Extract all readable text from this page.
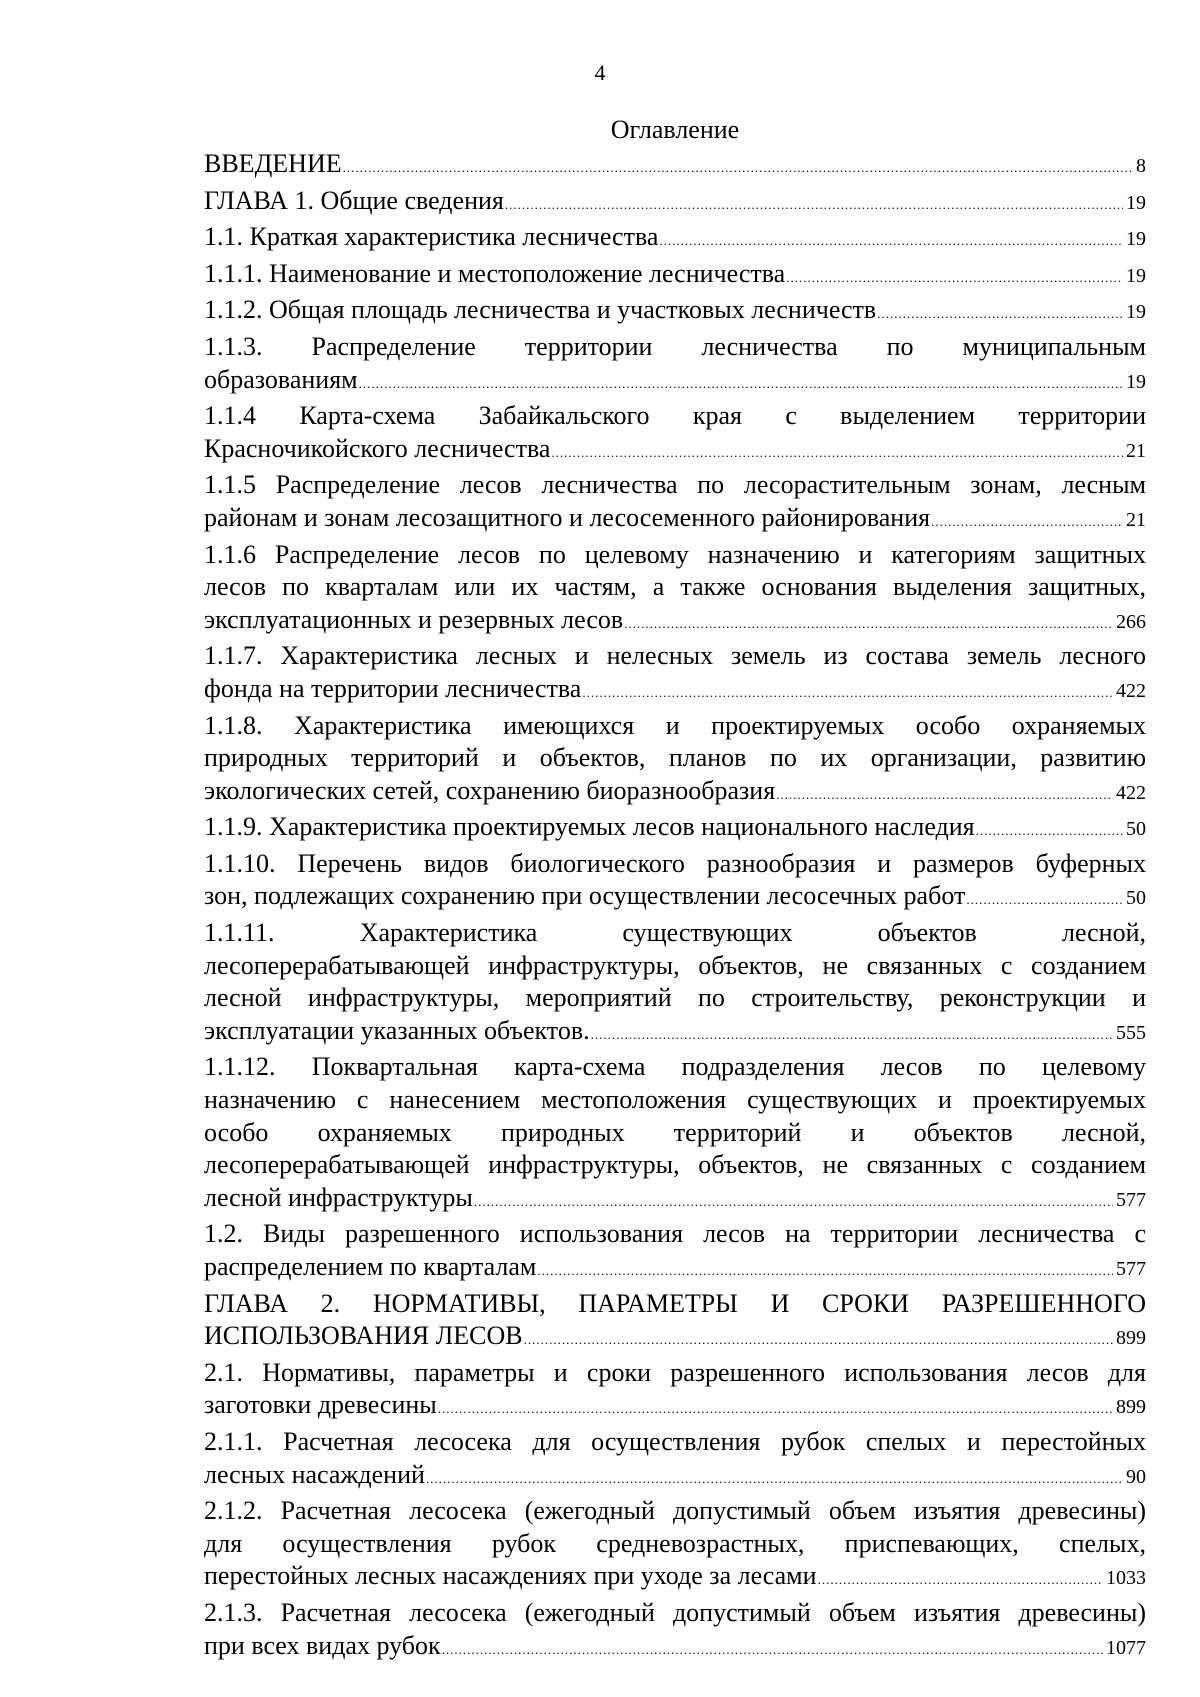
4
Оглавление
ВВЕДЕНИЕ .....	8
ГЛАВА 1. Общие сведения .....	19
1.1. Краткая характеристика лесничества .....	19
1.1.1. Наименование и местоположение лесничества .....	19
1.1.2. Общая площадь лесничества и участковых лесничеств .....	19
1.1.3. Распределение территории лесничества по муниципальным
образованиям .....	19
1.1.4 Карта-схема Забайкальского края с выделением территории
Красночикойского лесничества .....	21
1.1.5 Распределение лесов лесничества по лесорастительным зонам, лесным
районам и зонам лесозащитного и лесосеменного районирования .....	21
1.1.6 Распределение лесов по целевому назначению и категориям защитных
лесов по кварталам или их частям, а также основания выделения защитных,
эксплуатационных и резервных лесов .....	266
1.1.7. Характеристика лесных и нелесных земель из состава земель лесного
фонда на территории лесничества .....	422
1.1.8. Характеристика имеющихся и проектируемых особо охраняемых
природных территорий и объектов, планов по их организации, развитию
экологических сетей, сохранению биоразнообразия .....	422
1.1.9. Характеристика проектируемых лесов национального наследия .....	50
1.1.10. Перечень видов биологического разнообразия и размеров буферных
зон, подлежащих сохранению при осуществлении лесосечных работ .....	50
1.1.11. Характеристика существующих объектов лесной,
лесоперерабатывающей инфраструктуры, объектов, не связанных с созданием
лесной инфраструктуры, мероприятий по строительству, реконструкции и
эксплуатации указанных объектов. .....	555
1.1.12. Поквартальная карта-схема подразделения лесов по целевому
назначению с нанесением местоположения существующих и проектируемых
особо охраняемых природных территорий и объектов лесной,
лесоперерабатывающей инфраструктуры, объектов, не связанных с созданием
лесной инфраструктуры .....	577
1.2. Виды разрешенного использования лесов на территории лесничества с
распределением по кварталам .....	577
ГЛАВА 2. НОРМАТИВЫ, ПАРАМЕТРЫ И СРОКИ РАЗРЕШЕННОГО
ИСПОЛЬЗОВАНИЯ ЛЕСОВ .....	899
2.1. Нормативы, параметры и сроки разрешенного использования лесов для
заготовки древесины .....	899
2.1.1. Расчетная лесосека для осуществления рубок спелых и перестойных
лесных насаждений .....	90
2.1.2. Расчетная лесосека (ежегодный допустимый объем изъятия древесины)
для осуществления рубок средневозрастных, приспевающих, спелых,
перестойных лесных насаждениях при уходе за лесами .....	1033
2.1.3. Расчетная лесосека (ежегодный допустимый объем изъятия древесины)
при всех видах рубок .....	1077
